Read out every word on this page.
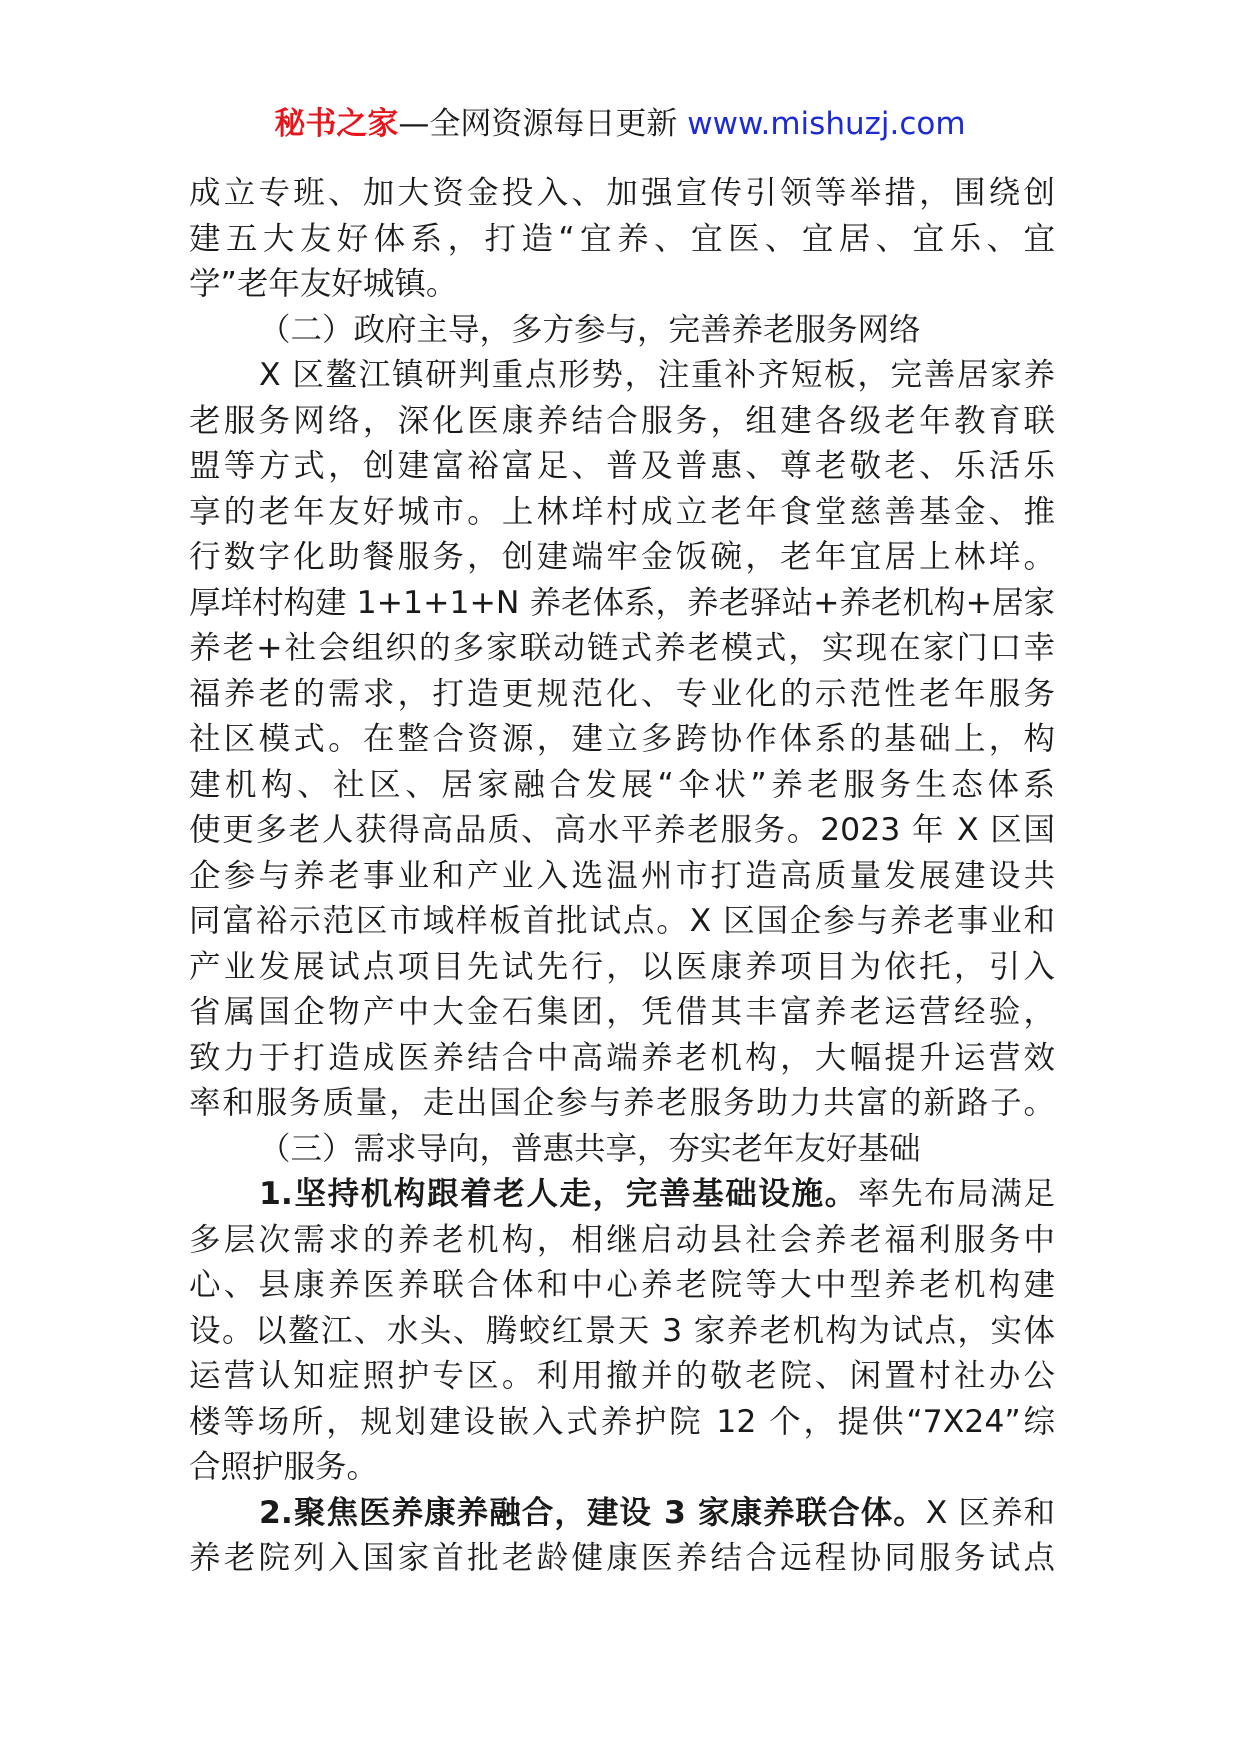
秘书之家—全网资源每日更新 www.mishuzj.com
成立专班、加大资金投入、加强宣传引领等举措，围绕创
建五大友好体系，打造“宜养、宜医、宜居、宜乐、宜
学”老年友好城镇。
（二）政府主导，多方参与，完善养老服务网络
X 区鳌江镇研判重点形势，注重补齐短板，完善居家养
老服务网络，深化医康养结合服务，组建各级老年教育联
盟等方式，创建富裕富足、普及普惠、尊老敬老、乐活乐
享的老年友好城市。上林垟村成立老年食堂慈善基金、推
行数字化助餐服务，创建端牢金饭碗，老年宜居上林垟。
厚垟村构建 1+1+1+N 养老体系，养老驿站+养老机构+居家
养老+社会组织的多家联动链式养老模式，实现在家门口幸
福养老的需求，打造更规范化、专业化的示范性老年服务
社区模式。在整合资源，建立多跨协作体系的基础上，构
建机构、社区、居家融合发展“伞状”养老服务生态体系
使更多老人获得高品质、高水平养老服务。2023 年 X 区国
企参与养老事业和产业入选温州市打造高质量发展建设共
同富裕示范区市域样板首批试点。X 区国企参与养老事业和
产业发展试点项目先试先行，以医康养项目为依托，引入
省属国企物产中大金石集团，凭借其丰富养老运营经验，
致力于打造成医养结合中高端养老机构，大幅提升运营效
率和服务质量，走出国企参与养老服务助力共富的新路子。
（三）需求导向，普惠共享，夯实老年友好基础
1.坚持机构跟着老人走，完善基础设施。率先布局满足
多层次需求的养老机构，相继启动县社会养老福利服务中
心、县康养医养联合体和中心养老院等大中型养老机构建
设。以鳌江、水头、腾蛟红景天 3 家养老机构为试点，实体
运营认知症照护专区。利用撤并的敬老院、闲置村社办公
楼等场所，规划建设嵌入式养护院 12 个，提供“7X24”综
合照护服务。
2.聚焦医养康养融合，建设 3 家康养联合体。X 区养和
养老院列入国家首批老龄健康医养结合远程协同服务试点
